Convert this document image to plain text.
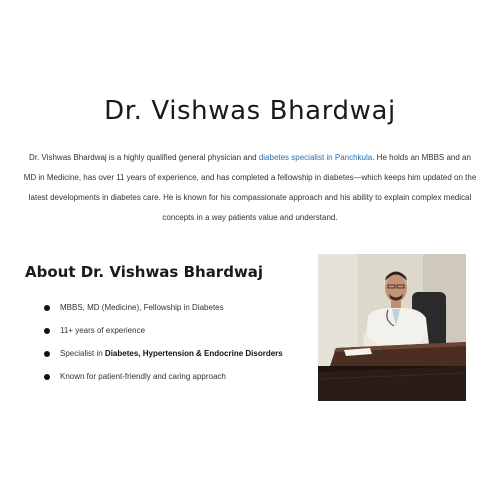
Dr. Vishwas Bhardwaj

Dr. Vishwas Bhardwaj is a highly qualified general physician and diabetes specialist in Panchkula. He holds an MBBS and an MD in Medicine, has over 11 years of experience, and has completed a fellowship in diabetes—which keeps him updated on the latest developments in diabetes care. He is known for his compassionate approach and his ability to explain complex medical concepts in a way patients value and understand.

About Dr. Vishwas Bhardwaj
MBBS, MD (Medicine), Fellowship in Diabetes
11+ years of experience
Specialist in Diabetes, Hypertension & Endocrine Disorders
Known for patient-friendly and caring approach
